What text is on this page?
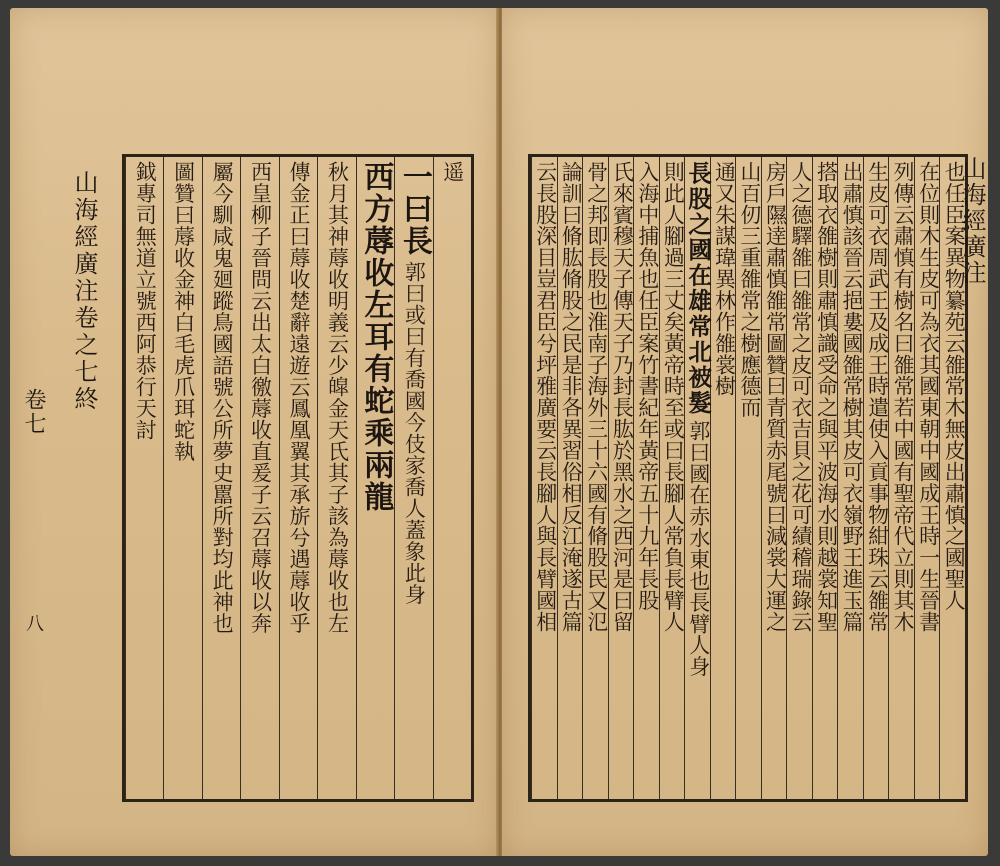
遥
一曰長
郭曰或曰有喬國今伎家喬人蓋象此身
西方蓐收左耳有蛇乘兩龍
秋月其神蓐收明義云少皡金天氏其子該為蓐收也左
傳金正曰蓐收楚辭遠遊云鳳凰翼其承旂兮遇蓐收乎
西皇柳子晉問云出太白徼蓐收直爰子云召蓐收以奔
屬今馴咸鬼廻蹤鳥國語號公所夢史嚚所對均此神也
圖贊曰蓐收金神白毛虎爪珥蛇執
鉞專司無道立號西阿恭行天討
山海經廣注卷之七終
卷七
八
也任臣案異物纂苑云雒常木無皮出肅慎之國聖人
在位則木生皮可為衣其國東朝中國成王時一生晉書
列傳云肅慎有樹名曰雒常若中國有聖帝代立則其木
生皮可衣周武王及成王時遣使入貢事物紺珠云雒常
出肅慎該晉云挹婁國雒常樹其皮可衣嶺野王進玉篇
搭取衣雒樹則肅慎識受命之與平波海水則越裳知聖
人之德驛雒曰雒常之皮可衣吉貝之花可績稽瑞錄云
房戶隰逹肅慎雒常圖贊曰青質赤尾號曰減裳大運之
山百仞三重雒常之樹應德而
通又朱謀瑋異林作雒裳樹
長股之國在雄常北被髮
郭曰國在赤水東也長臂人身
則此人腳過三丈矣黃帝時至或曰長腳人常負長臂人
入海中捕魚也任臣案竹書紀年黃帝五十九年長股
氏來賓穆天子傳天子乃封長肱於黑水之西河是曰留
骨之邦即長股也淮南子海外三十六國有脩股民又氾
論訓曰脩肱脩股之民是非各異習俗相反江淹遂古篇
云長股深目豈君臣兮坪雅廣要云長腳人與長臂國相	山海經廣注
